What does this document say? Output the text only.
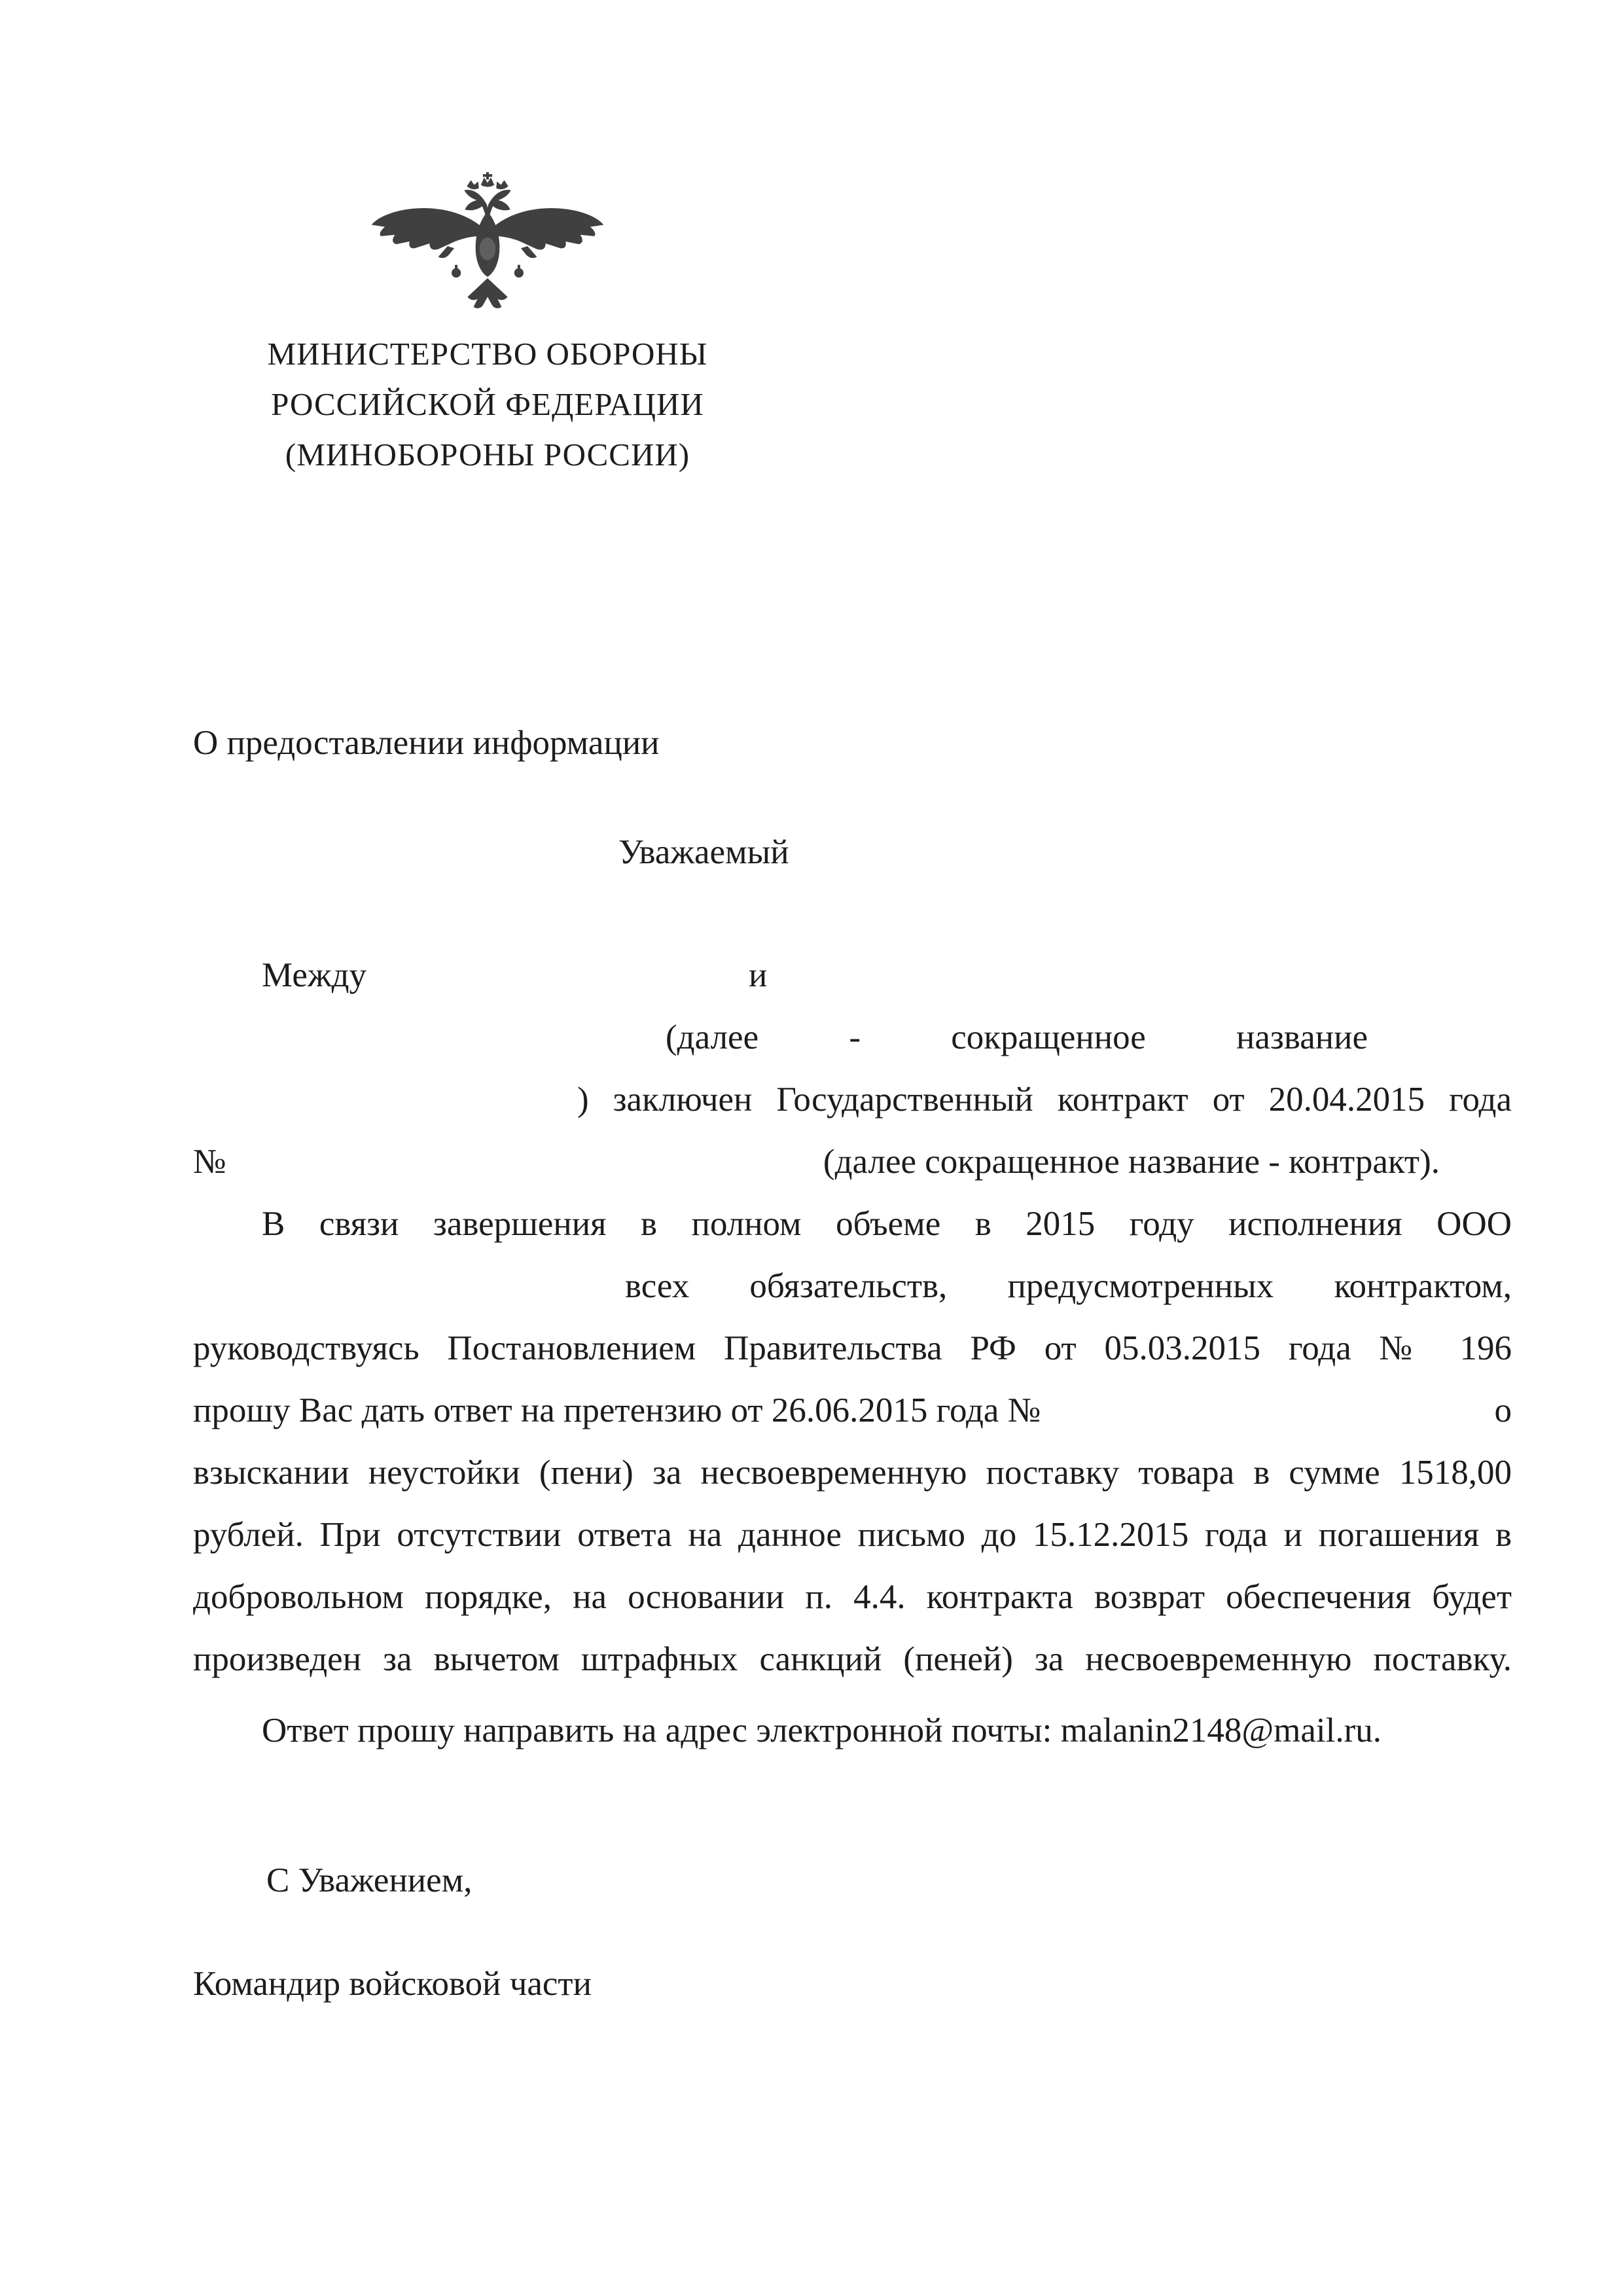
МИНИСТЕРСТВО ОБОРОНЫ
РОССИЙСКОЙ ФЕДЕРАЦИИ
(МИНОБОРОНЫ РОССИИ)
О предоставлении информации
Уважаемый
Между	и
(далее	-	сокращенное	название
) заключен Государственный контракт от 20.04.2015 года
№	(далее сокращенное название - контракт).
В связи завершения в полном объеме в 2015 году исполнения ООО
всех обязательств, предусмотренных контрактом,
руководствуясь Постановлением Правительства РФ от 05.03.2015 года № 196
прошу Вас дать ответ на претензию от 26.06.2015 года №	о
взыскании неустойки (пени) за несвоевременную поставку товара в сумме 1518,00
рублей. При отсутствии ответа на данное письмо до 15.12.2015 года и погашения в
добровольном порядке, на основании п. 4.4. контракта возврат обеспечения будет
произведен за вычетом штрафных санкций (пеней) за несвоевременную поставку.
Ответ прошу направить на адрес электронной почты: malanin2148@mail.ru.
С Уважением,
Командир войсковой части
